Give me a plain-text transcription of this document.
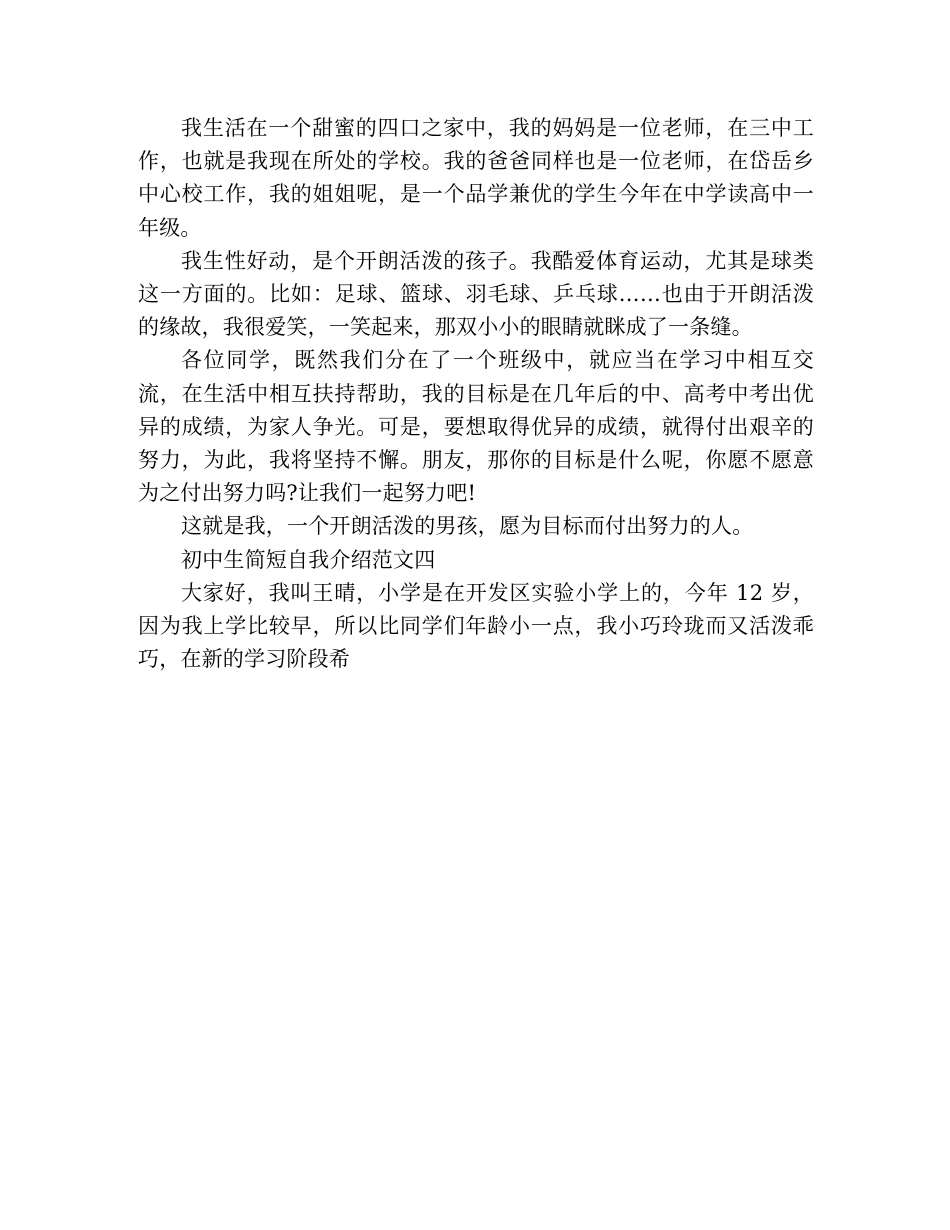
我生活在一个甜蜜的四口之家中，我的妈妈是一位老师，在三中工作，也就是我现在所处的学校。我的爸爸同样也是一位老师，在岱岳乡中心校工作，我的姐姐呢，是一个品学兼优的学生今年在中学读高中一年级。

我生性好动，是个开朗活泼的孩子。我酷爱体育运动，尤其是球类这一方面的。比如：足球、篮球、羽毛球、乒乓球……也由于开朗活泼的缘故，我很爱笑，一笑起来，那双小小的眼睛就眯成了一条缝。

各位同学，既然我们分在了一个班级中，就应当在学习中相互交流，在生活中相互扶持帮助，我的目标是在几年后的中、高考中考出优异的成绩，为家人争光。可是，要想取得优异的成绩，就得付出艰辛的努力，为此，我将坚持不懈。朋友，那你的目标是什么呢，你愿不愿意为之付出努力吗?让我们一起努力吧!

这就是我，一个开朗活泼的男孩，愿为目标而付出努力的人。

初中生简短自我介绍范文四

大家好，我叫王晴，小学是在开发区实验小学上的，今年 12 岁，因为我上学比较早，所以比同学们年龄小一点，我小巧玲珑而又活泼乖巧，在新的学习阶段希
